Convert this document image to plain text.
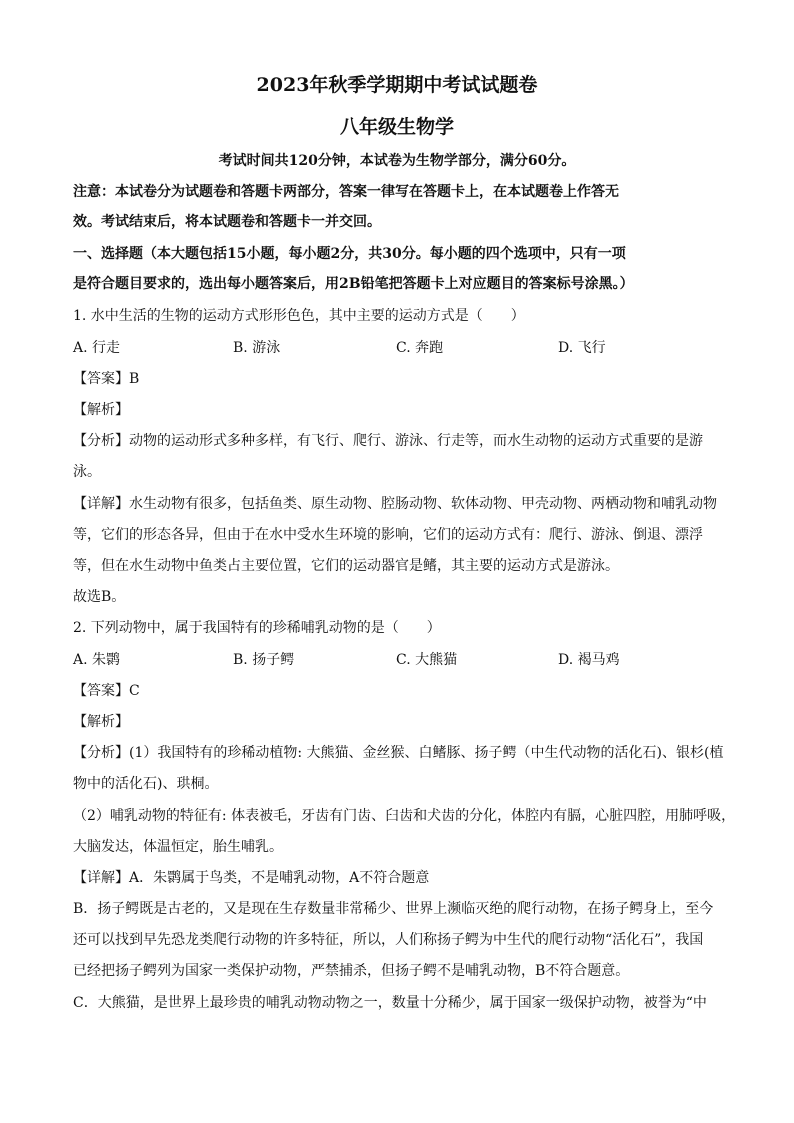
2023年秋季学期期中考试试题卷
八年级生物学
考试时间共120分钟，本试卷为生物学部分，满分60分。
注意：本试卷分为试题卷和答题卡两部分，答案一律写在答题卡上，在本试题卷上作答无
效。考试结束后，将本试题卷和答题卡一并交回。
一、选择题（本大题包括15小题，每小题2分，共30分。每小题的四个选项中，只有一项
是符合题目要求的，选出每小题答案后，用2B铅笔把答题卡上对应题目的答案标号涂黑。）
1. 水中生活的生物的运动方式形形色色，其中主要的运动方式是（　　）
A. 行走	B. 游泳	C. 奔跑	D. 飞行
【答案】B
【解析】
【分析】动物的运动形式多种多样，有飞行、爬行、游泳、行走等，而水生动物的运动方式重要的是游
泳。
【详解】水生动物有很多，包括鱼类、原生动物、腔肠动物、软体动物、甲壳动物、两栖动物和哺乳动物
等，它们的形态各异，但由于在水中受水生环境的影响，它们的运动方式有：爬行、游泳、倒退、漂浮
等，但在水生动物中鱼类占主要位置，它们的运动器官是鳍，其主要的运动方式是游泳。
故选B。
2. 下列动物中，属于我国特有的珍稀哺乳动物的是（　　）
A. 朱鹮	B. 扬子鳄	C. 大熊猫	D. 褐马鸡
【答案】C
【解析】
【分析】(1）我国特有的珍稀动植物: 大熊猫、金丝猴、白鳍豚、扬子鳄（中生代动物的活化石)、银杉(植
物中的活化石)、珙桐。
（2）哺乳动物的特征有: 体表被毛，牙齿有门齿、臼齿和犬齿的分化，体腔内有膈，心脏四腔，用肺呼吸，
大脑发达，体温恒定，胎生哺乳。
【详解】A．朱鹮属于鸟类，不是哺乳动物，A不符合题意
B．扬子鳄既是古老的，又是现在生存数量非常稀少、世界上濒临灭绝的爬行动物，在扬子鳄身上，至今
还可以找到早先恐龙类爬行动物的许多特征，所以，人们称扬子鳄为中生代的爬行动物“活化石”，我国
已经把扬子鳄列为国家一类保护动物，严禁捕杀，但扬子鳄不是哺乳动物，B不符合题意。
C．大熊猫，是世界上最珍贵的哺乳动物动物之一，数量十分稀少，属于国家一级保护动物，被誉为“中
